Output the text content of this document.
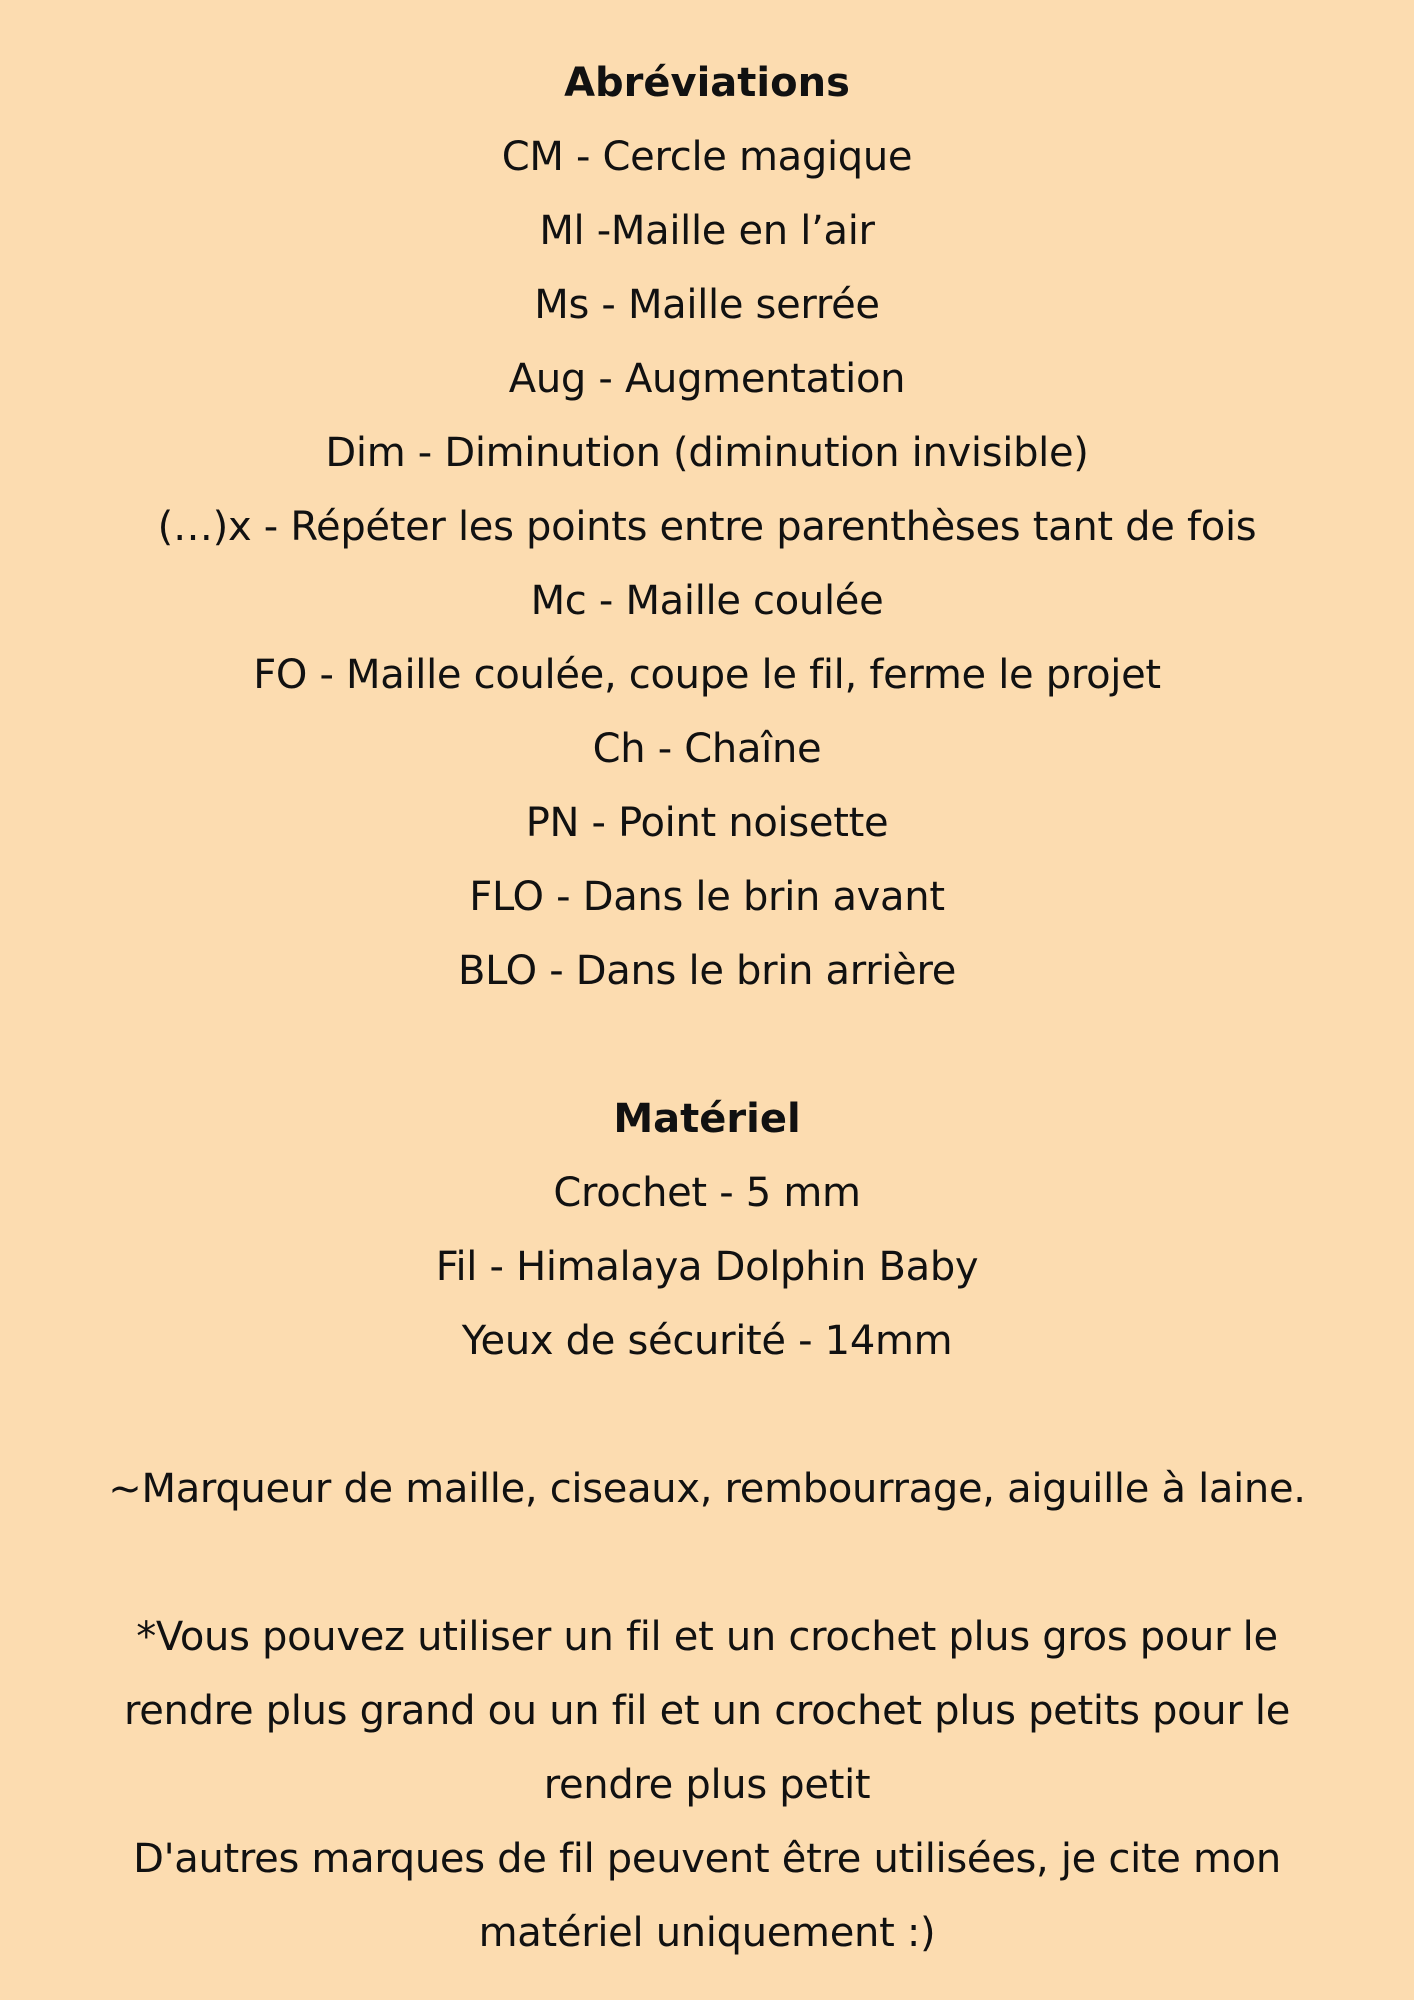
Abréviations

CM - Cercle magique

Ml -Maille en l’air

Ms - Maille serrée

Aug - Augmentation

Dim - Diminution (diminution invisible)

(…)x - Répéter les points entre parenthèses tant de fois

Mc - Maille coulée

FO - Maille coulée, coupe le fil, ferme le projet

Ch - Chaîne

PN - Point noisette

FLO - Dans le brin avant

BLO - Dans le brin arrière

Matériel

Crochet - 5 mm

Fil - Himalaya Dolphin Baby

Yeux de sécurité - 14mm

~Marqueur de maille, ciseaux, rembourrage, aiguille à laine.

*Vous pouvez utiliser un fil et un crochet plus gros pour le

rendre plus grand ou un fil et un crochet plus petits pour le

rendre plus petit

D'autres marques de fil peuvent être utilisées, je cite mon

matériel uniquement :)
